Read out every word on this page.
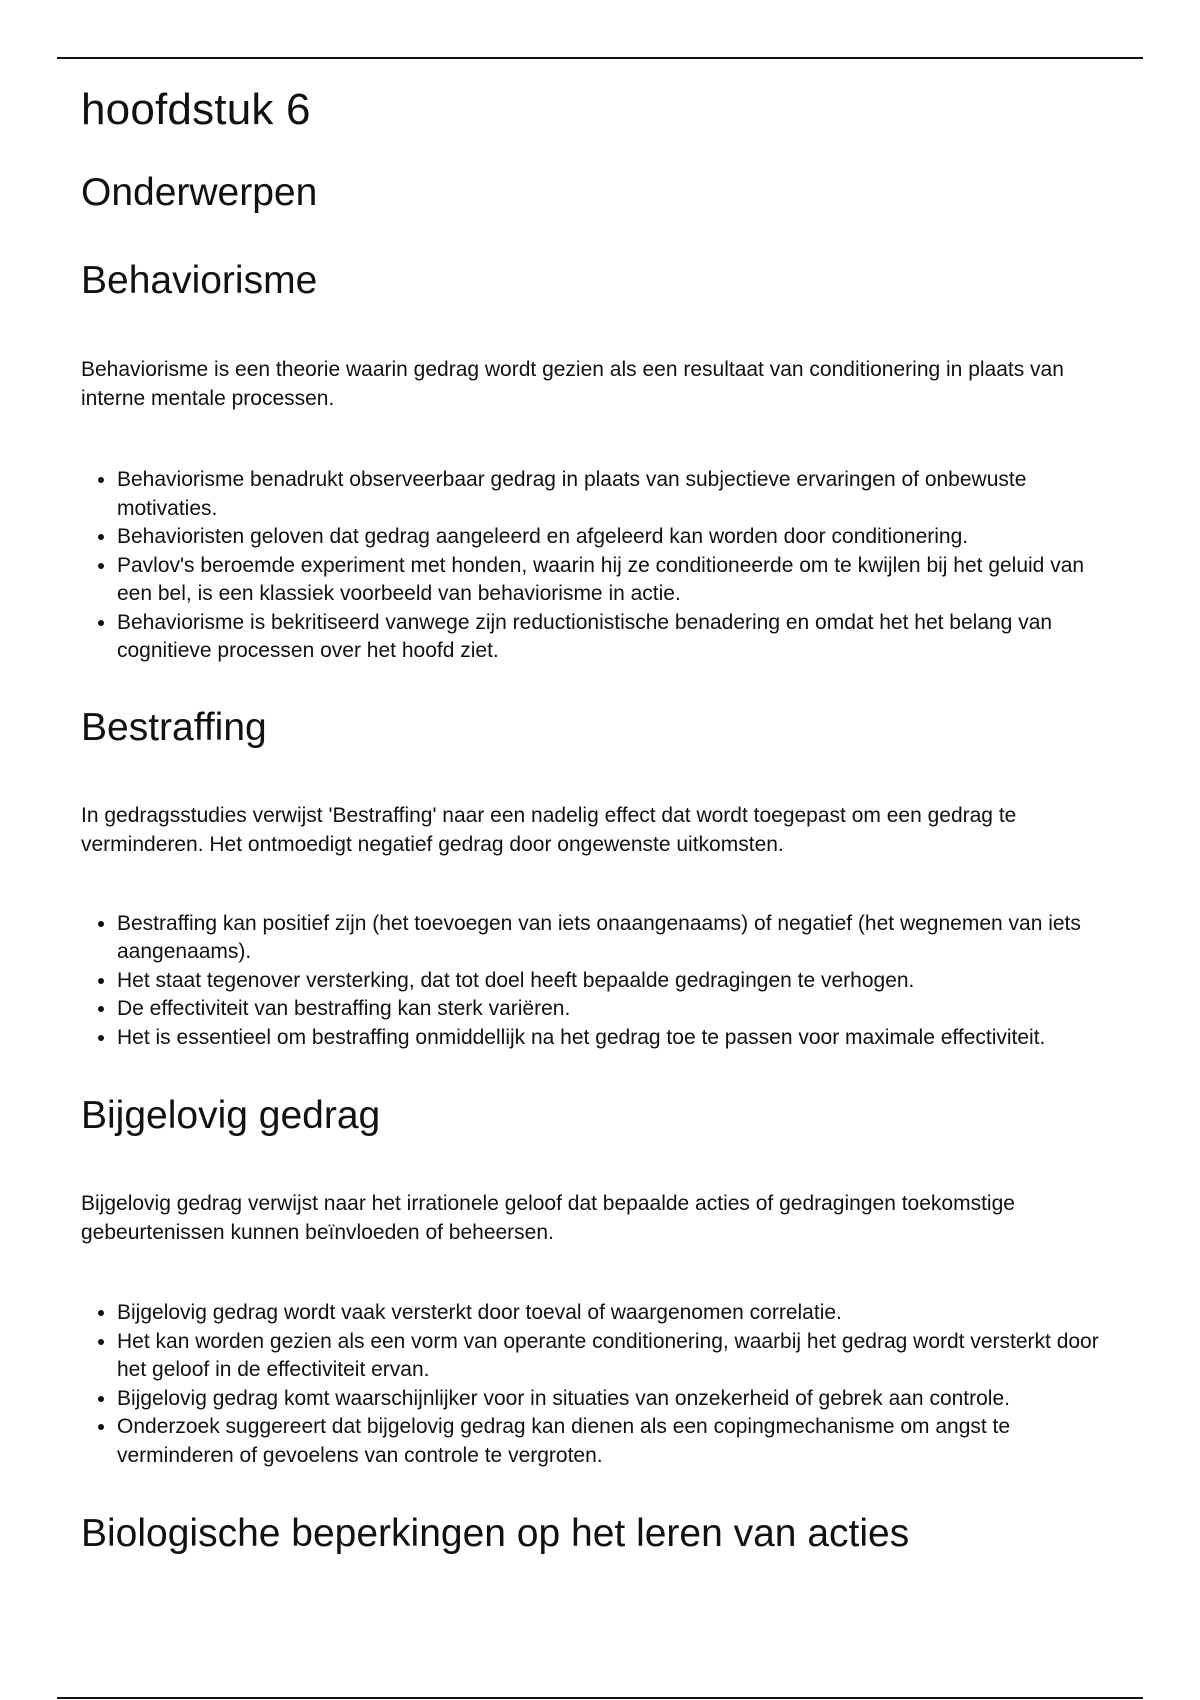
hoofdstuk 6
Onderwerpen
Behaviorisme

Behaviorisme is een theorie waarin gedrag wordt gezien als een resultaat van conditionering in plaats van interne mentale processen.

• Behaviorisme benadrukt observeerbaar gedrag in plaats van subjectieve ervaringen of onbewuste motivaties.
• Behavioristen geloven dat gedrag aangeleerd en afgeleerd kan worden door conditionering.
• Pavlov's beroemde experiment met honden, waarin hij ze conditioneerde om te kwijlen bij het geluid van een bel, is een klassiek voorbeeld van behaviorisme in actie.
• Behaviorisme is bekritiseerd vanwege zijn reductionistische benadering en omdat het het belang van cognitieve processen over het hoofd ziet.
Bestraffing

In gedragsstudies verwijst 'Bestraffing' naar een nadelig effect dat wordt toegepast om een gedrag te verminderen. Het ontmoedigt negatief gedrag door ongewenste uitkomsten.

• Bestraffing kan positief zijn (het toevoegen van iets onaangenaams) of negatief (het wegnemen van iets aangenaams).
• Het staat tegenover versterking, dat tot doel heeft bepaalde gedragingen te verhogen.
• De effectiviteit van bestraffing kan sterk variëren.
• Het is essentieel om bestraffing onmiddellijk na het gedrag toe te passen voor maximale effectiviteit.
Bijgelovig gedrag

Bijgelovig gedrag verwijst naar het irrationele geloof dat bepaalde acties of gedragingen toekomstige gebeurtenissen kunnen beïnvloeden of beheersen.

• Bijgelovig gedrag wordt vaak versterkt door toeval of waargenomen correlatie.
• Het kan worden gezien als een vorm van operante conditionering, waarbij het gedrag wordt versterkt door het geloof in de effectiviteit ervan.
• Bijgelovig gedrag komt waarschijnlijker voor in situaties van onzekerheid of gebrek aan controle.
• Onderzoek suggereert dat bijgelovig gedrag kan dienen als een copingmechanisme om angst te verminderen of gevoelens van controle te vergroten.
Biologische beperkingen op het leren van acties
